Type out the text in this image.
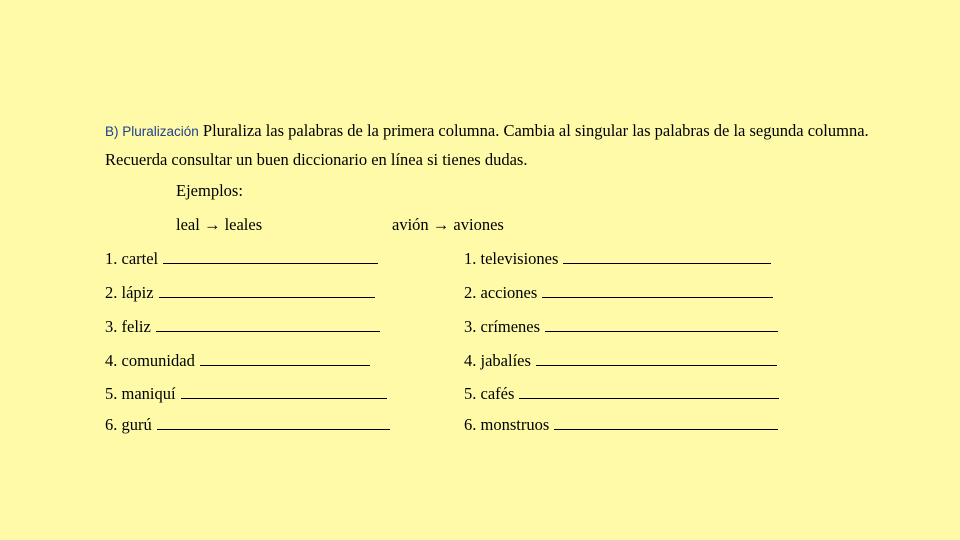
B) Pluralización Pluraliza las palabras de la primera columna. Cambia al singular las palabras de la segunda columna. Recuerda consultar un buen diccionario en línea si tienes dudas.
Ejemplos:
leal → leales	avión → aviones
1. cartel
2. lápiz
3. feliz
4. comunidad
5. maniquí
6. gurú
1. televisiones
2. acciones
3. crímenes
4. jabalíes
5. cafés
6. monstruos
